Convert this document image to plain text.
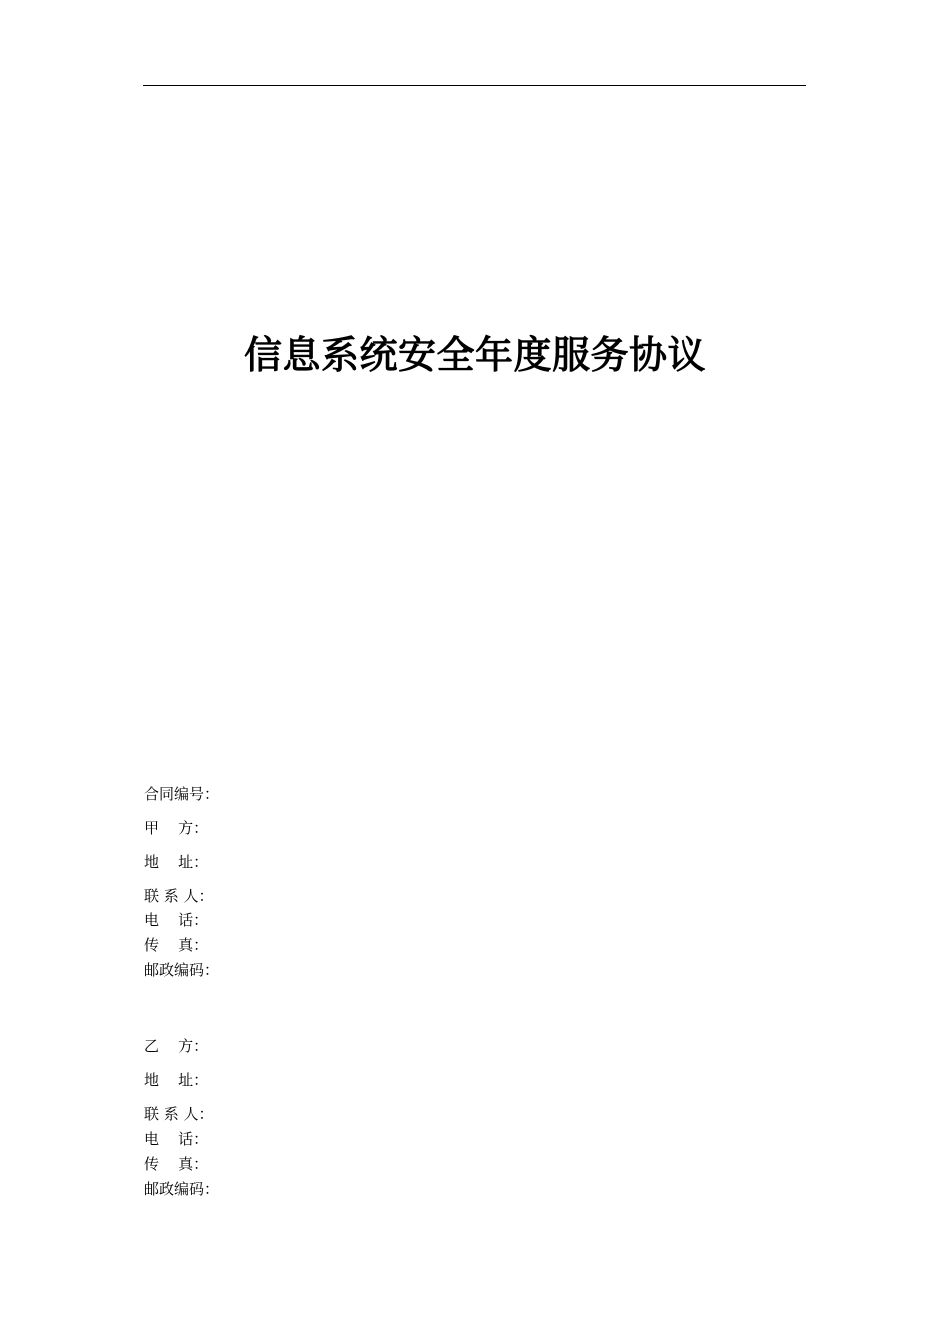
信息系统安全年度服务协议
合同编号：
甲    方：
地    址：
联 系 人：
电    话：
传    真：
邮政编码：
乙    方：
地    址：
联 系 人：
电    话：
传    真：
邮政编码：
